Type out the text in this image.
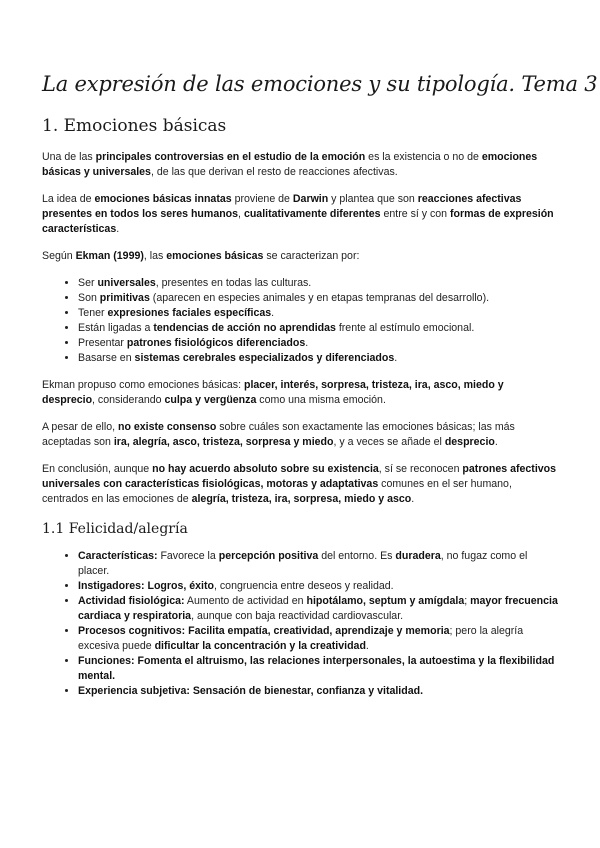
La expresión de las emociones y su tipología. Tema 3
1. Emociones básicas

Una de las principales controversias en el estudio de la emoción es la existencia o no de emociones básicas y universales, de las que derivan el resto de reacciones afectivas.

La idea de emociones básicas innatas proviene de Darwin y plantea que son reacciones afectivas presentes en todos los seres humanos, cualitativamente diferentes entre sí y con formas de expresión características.

Según Ekman (1999), las emociones básicas se caracterizan por:

• Ser universales, presentes en todas las culturas.
• Son primitivas (aparecen en especies animales y en etapas tempranas del desarrollo).
• Tener expresiones faciales específicas.
• Están ligadas a tendencias de acción no aprendidas frente al estímulo emocional.
• Presentar patrones fisiológicos diferenciados.
• Basarse en sistemas cerebrales especializados y diferenciados.

Ekman propuso como emociones básicas: placer, interés, sorpresa, tristeza, ira, asco, miedo y desprecio, considerando culpa y vergüenza como una misma emoción.

A pesar de ello, no existe consenso sobre cuáles son exactamente las emociones básicas; las más aceptadas son ira, alegría, asco, tristeza, sorpresa y miedo, y a veces se añade el desprecio.

En conclusión, aunque no hay acuerdo absoluto sobre su existencia, sí se reconocen patrones afectivos universales con características fisiológicas, motoras y adaptativas comunes en el ser humano, centrados en las emociones de alegría, tristeza, ira, sorpresa, miedo y asco.

1.1 Felicidad/alegría
• Características: Favorece la percepción positiva del entorno. Es duradera, no fugaz como el placer.
• Instigadores: Logros, éxito, congruencia entre deseos y realidad.
• Actividad fisiológica: Aumento de actividad en hipotálamo, septum y amígdala; mayor frecuencia cardiaca y respiratoria, aunque con baja reactividad cardiovascular.
• Procesos cognitivos: Facilita empatía, creatividad, aprendizaje y memoria; pero la alegría excesiva puede dificultar la concentración y la creatividad.
• Funciones: Fomenta el altruismo, las relaciones interpersonales, la autoestima y la flexibilidad mental.
• Experiencia subjetiva: Sensación de bienestar, confianza y vitalidad.
